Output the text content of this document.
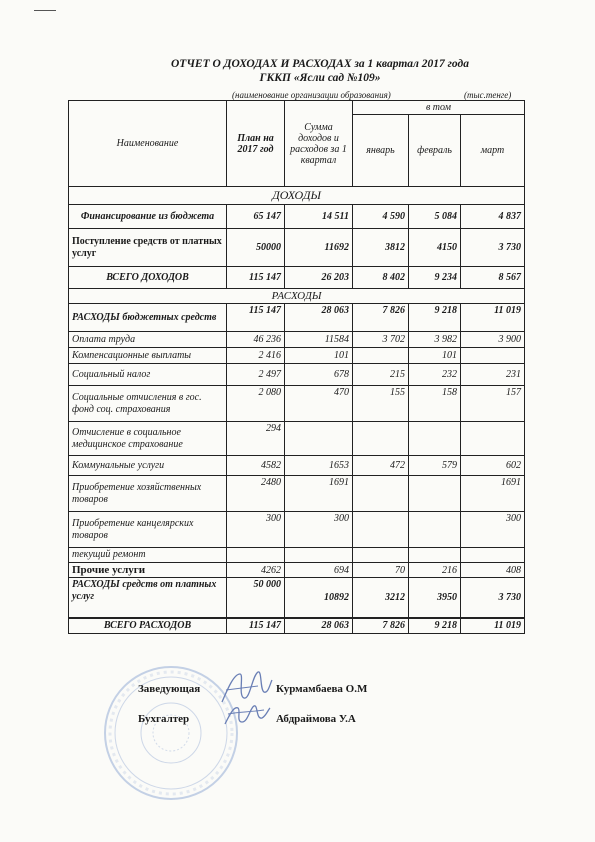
ОТЧЕТ О ДОХОДАХ И РАСХОДАХ за 1 квартал 2017 года
ГККП «Ясли сад №109»
(наименование организации образования)	(тыс.тенге)
Наименование	План на 2017 год	Сумма доходов и расходов за 1 квартал	в том		
			январь	февраль	март
ДОХОДЫ					
Финансирование из бюджета	65 147	14 511	4 590	5 084	4 837
Поступление средств от платных услуг	50000	11692	3812	4150	3 730
ВСЕГО ДОХОДОВ	115 147	26 203	8 402	9 234	8 567
РАСХОДЫ					
РАСХОДЫ бюджетных средств	115 147	28 063	7 826	9 218	11 019
Оплата труда	46 236	11584	3 702	3 982	3 900
Компенсационные выплаты	2 416	101		101	
Социальный налог	2 497	678	215	232	231
Социальные отчисления в гос. фонд соц. страхования	2 080	470	155	158	157
Отчисление в социальное медицинское страхование	294				
Коммунальные услуги	4582	1653	472	579	602
Приобретение хозяйственных товаров	2480	1691			1691
Приобретение канцелярских товаров	300	300			300
текущий ремонт					
Прочие услуги	4262	694	70	216	408
РАСХОДЫ средств от платных услуг	50 000	10892	3212	3950	3 730
ВСЕГО РАСХОДОВ	115 147	28 063	7 826	9 218	11 019
Заведующая	Курмамбаева О.М
Бухгалтер	Абдраймова У.А
